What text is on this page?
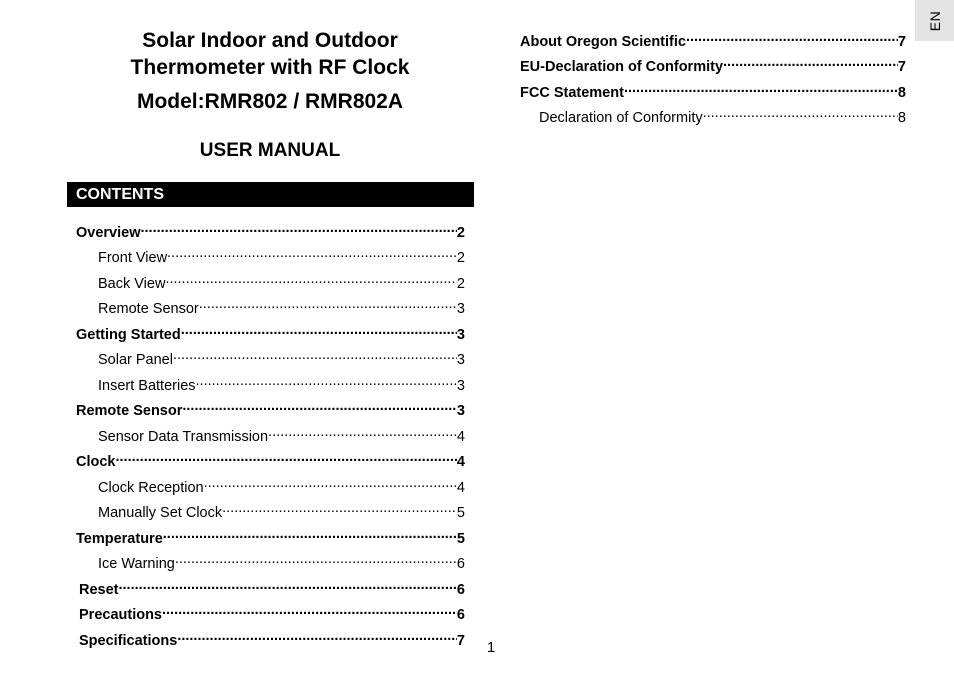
Solar Indoor and Outdoor
Thermometer with RF Clock
Model:RMR802 / RMR802A
USER MANUAL
CONTENTS
Overview .....	2
Front View .....	2
Back View .....	2
Remote Sensor .....	3
Getting Started .....	3
Solar Panel .....	3
Insert Batteries .....	3
Remote Sensor .....	3
Sensor Data Transmission .....	4
Clock .....	4
Clock Reception .....	4
Manually Set Clock .....	5
Temperature .....	5
Ice Warning .....	6
Reset .....	6
Precautions .....	6
Specifications .....	7
About Oregon Scientific .....	7
EU-Declaration of Conformity .....	7
FCC Statement .....	8
Declaration of Conformity .....	8
1
EN
